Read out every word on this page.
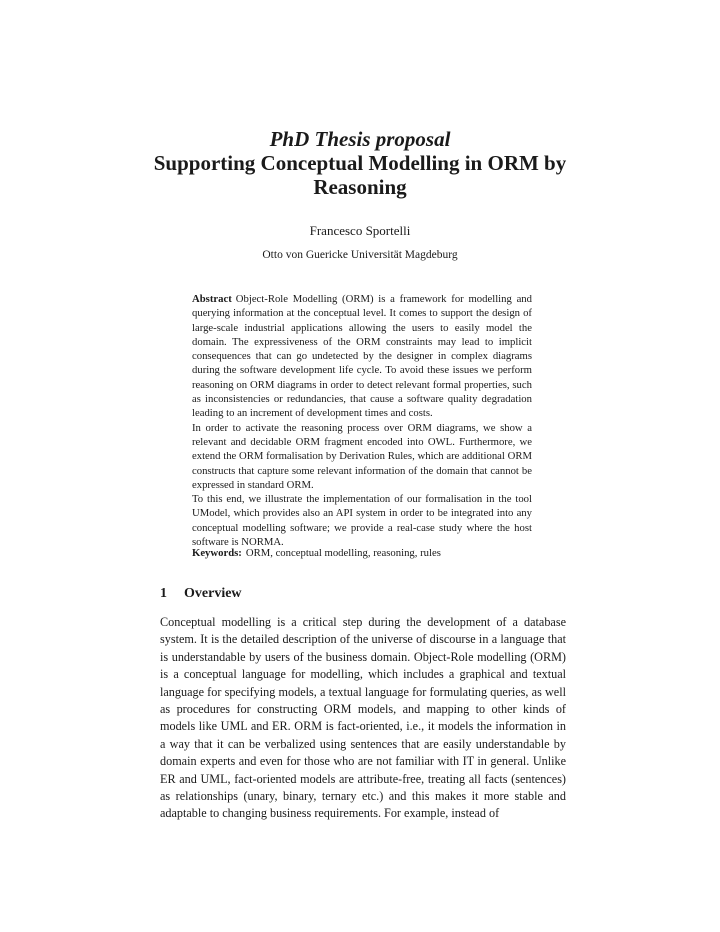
PhD Thesis proposal
Supporting Conceptual Modelling in ORM by Reasoning
Francesco Sportelli
Otto von Guericke Universität Magdeburg

Abstract Object-Role Modelling (ORM) is a framework for modelling and querying information at the conceptual level. It comes to support the design of large-scale industrial applications allowing the users to easily model the domain. The expressiveness of the ORM constraints may lead to implicit consequences that can go undetected by the designer in complex diagrams during the software development life cycle. To avoid these issues we perform reasoning on ORM diagrams in order to detect relevant formal properties, such as inconsistencies or redundancies, that cause a software quality degradation leading to an increment of development times and costs.

In order to activate the reasoning process over ORM diagrams, we show a relevant and decidable ORM fragment encoded into OWL. Furthermore, we extend the ORM formalisation by Derivation Rules, which are additional ORM constructs that capture some relevant information of the domain that cannot be expressed in standard ORM.

To this end, we illustrate the implementation of our formalisation in the tool UModel, which provides also an API system in order to be integrated into any conceptual modelling software; we provide a real-case study where the host software is NORMA.

Keywords: ORM, conceptual modelling, reasoning, rules
1 Overview

Conceptual modelling is a critical step during the development of a database system. It is the detailed description of the universe of discourse in a language that is understandable by users of the business domain. Object-Role modelling (ORM) is a conceptual language for modelling, which includes a graphical and textual language for specifying models, a textual language for formulating queries, as well as procedures for constructing ORM models, and mapping to other kinds of models like UML and ER. ORM is fact-oriented, i.e., it models the information in a way that it can be verbalized using sentences that are easily understandable by domain experts and even for those who are not familiar with IT in general. Unlike ER and UML, fact-oriented models are attribute-free, treating all facts (sentences) as relationships (unary, binary, ternary etc.) and this makes it more stable and adaptable to changing business requirements. For example, instead of
